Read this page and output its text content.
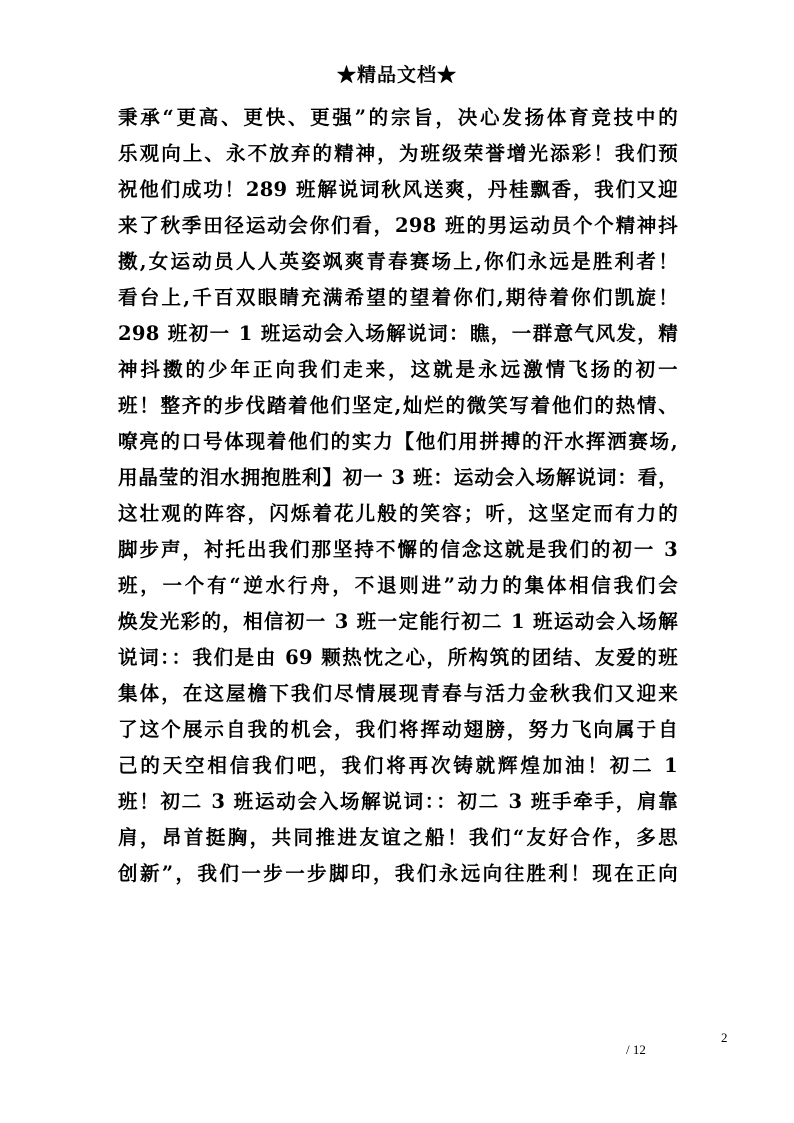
★精品文档★
秉承“更高、更快、更强”的宗旨，决心发扬体育竞技中的
乐观向上、永不放弃的精神，为班级荣誉增光添彩！我们预
祝他们成功！289 班解说词秋风送爽，丹桂飘香，我们又迎
来了秋季田径运动会你们看，298 班的男运动员个个精神抖
擞,女运动员人人英姿飒爽青春赛场上,你们永远是胜利者！
看台上,千百双眼睛充满希望的望着你们,期待着你们凯旋！
298 班初一 1 班运动会入场解说词：瞧，一群意气风发，精
神抖擞的少年正向我们走来，这就是永远激情飞扬的初一
班！整齐的步伐踏着他们坚定,灿烂的微笑写着他们的热情、
嘹亮的口号体现着他们的实力【他们用拼搏的汗水挥洒赛场,
用晶莹的泪水拥抱胜利】初一 3 班：运动会入场解说词：看，
这壮观的阵容，闪烁着花儿般的笑容；听，这坚定而有力的
脚步声，衬托出我们那坚持不懈的信念这就是我们的初一 3
班，一个有“逆水行舟，不退则进”动力的集体相信我们会
焕发光彩的，相信初一 3 班一定能行初二 1 班运动会入场解
说词：：我们是由 69 颗热忱之心，所构筑的团结、友爱的班
集体，在这屋檐下我们尽情展现青春与活力金秋我们又迎来
了这个展示自我的机会，我们将挥动翅膀，努力飞向属于自
己的天空相信我们吧，我们将再次铸就辉煌加油！初二 1
班！初二 3 班运动会入场解说词：：初二 3 班手牵手，肩靠
肩，昂首挺胸，共同推进友谊之船！我们“友好合作，多思
创新”，我们一步一步脚印，我们永远向往胜利！现在正向
2
/ 12
